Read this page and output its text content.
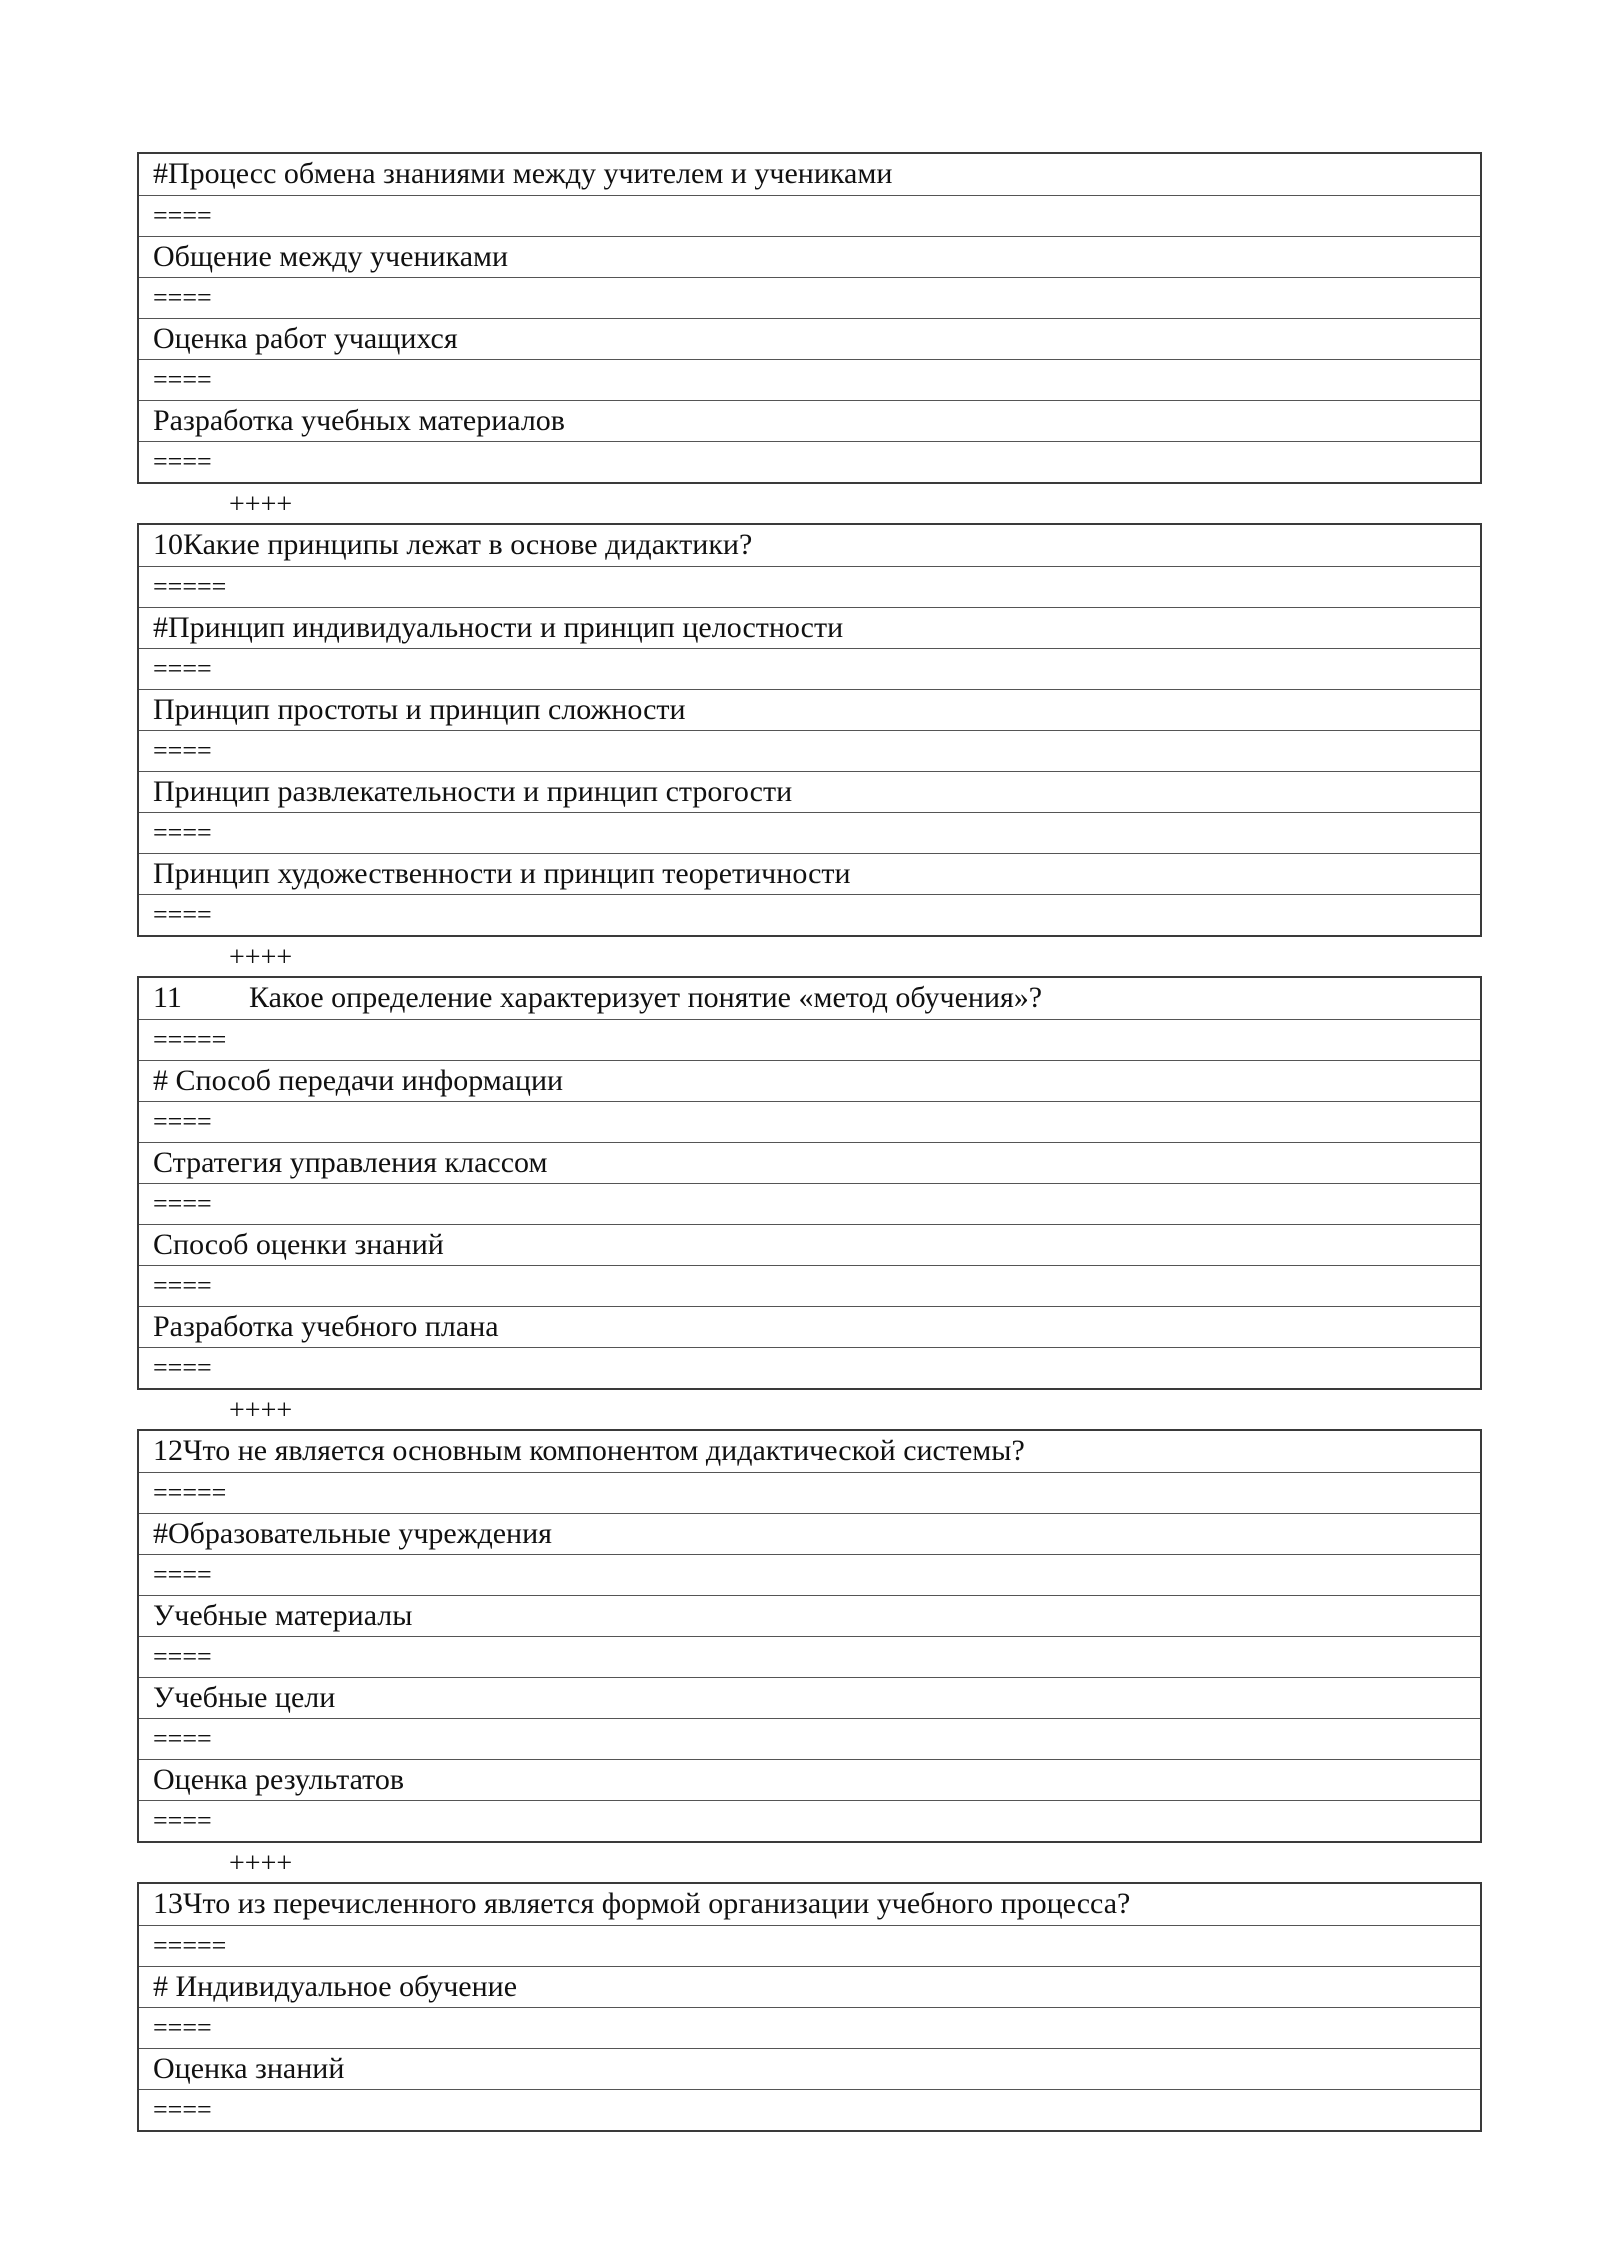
#Процесс обмена знаниями между учителем и учениками
====
Общение между учениками
====
Оценка работ учащихся
====
Разработка учебных материалов
====
++++
10Какие принципы лежат в основе дидактики?
=====
#Принцип индивидуальности и принцип целостности
====
Принцип простоты и принцип сложности
====
Принцип развлекательности и принцип строгости
====
Принцип художественности и принцип теоретичности
====
++++
11 Какое определение характеризует понятие «метод обучения»?
=====
# Способ передачи информации
====
Стратегия управления классом
====
Способ оценки знаний
====
Разработка учебного плана
====
++++
12Что не является основным компонентом дидактической системы?
=====
#Образовательные учреждения
====
Учебные материалы
====
Учебные цели
====
Оценка результатов
====
++++
13Что из перечисленного является формой организации учебного процесса?
=====
# Индивидуальное обучение
====
Оценка знаний
====
